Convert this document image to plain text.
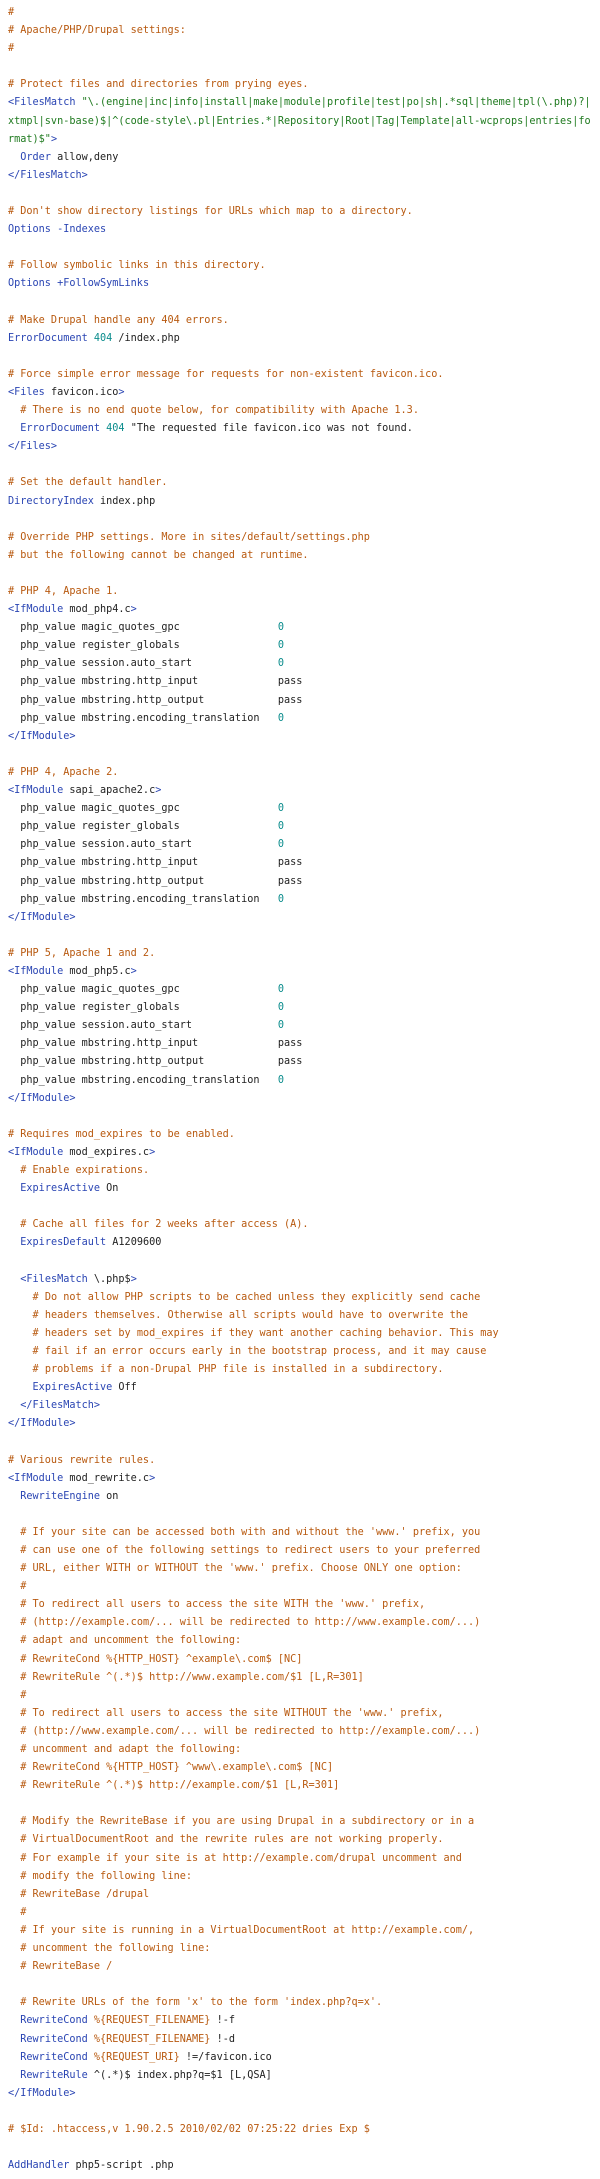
#
# Apache/PHP/Drupal settings:
#
# Protect files and directories from prying eyes.
<FilesMatch "\.(engine|inc|info|install|make|module|profile|test|po|sh|.*sql|theme|tpl(\.php)?|xtmpl|svn-base)$|^(code-style\.pl|Entries.*|Repository|Root|Tag|Template|all-wcprops|entries|format)$">
Order allow,deny
</FilesMatch>
# Don't show directory listings for URLs which map to a directory.
Options -Indexes
# Follow symbolic links in this directory.
Options +FollowSymLinks
# Make Drupal handle any 404 errors.
ErrorDocument 404 /index.php
# Force simple error message for requests for non-existent favicon.ico.
<Files favicon.ico>
# There is no end quote below, for compatibility with Apache 1.3.
ErrorDocument 404 "The requested file favicon.ico was not found.
</Files>
# Set the default handler.
DirectoryIndex index.php
# Override PHP settings. More in sites/default/settings.php
# but the following cannot be changed at runtime.
# PHP 4, Apache 1.
<IfModule mod_php4.c>
php_value magic_quotes_gpc                0
php_value register_globals                0
php_value session.auto_start              0
php_value mbstring.http_input             pass
php_value mbstring.http_output            pass
php_value mbstring.encoding_translation   0
</IfModule>
# PHP 4, Apache 2.
<IfModule sapi_apache2.c>
php_value magic_quotes_gpc                0
php_value register_globals                0
php_value session.auto_start              0
php_value mbstring.http_input             pass
php_value mbstring.http_output            pass
php_value mbstring.encoding_translation   0
</IfModule>
# PHP 5, Apache 1 and 2.
<IfModule mod_php5.c>
php_value magic_quotes_gpc                0
php_value register_globals                0
php_value session.auto_start              0
php_value mbstring.http_input             pass
php_value mbstring.http_output            pass
php_value mbstring.encoding_translation   0
</IfModule>
# Requires mod_expires to be enabled.
<IfModule mod_expires.c>
# Enable expirations.
ExpiresActive On
# Cache all files for 2 weeks after access (A).
ExpiresDefault A1209600
<FilesMatch \.php$>
# Do not allow PHP scripts to be cached unless they explicitly send cache
# headers themselves. Otherwise all scripts would have to overwrite the
# headers set by mod_expires if they want another caching behavior. This may
# fail if an error occurs early in the bootstrap process, and it may cause
# problems if a non-Drupal PHP file is installed in a subdirectory.
ExpiresActive Off
</FilesMatch>
</IfModule>
# Various rewrite rules.
<IfModule mod_rewrite.c>
RewriteEngine on
# If your site can be accessed both with and without the 'www.' prefix, you
# can use one of the following settings to redirect users to your preferred
# URL, either WITH or WITHOUT the 'www.' prefix. Choose ONLY one option:
#
# To redirect all users to access the site WITH the 'www.' prefix,
# (http://example.com/... will be redirected to http://www.example.com/...)
# adapt and uncomment the following:
# RewriteCond %{HTTP_HOST} ^example\.com$ [NC]
# RewriteRule ^(.*)$ http://www.example.com/$1 [L,R=301]
#
# To redirect all users to access the site WITHOUT the 'www.' prefix,
# (http://www.example.com/... will be redirected to http://example.com/...)
# uncomment and adapt the following:
# RewriteCond %{HTTP_HOST} ^www\.example\.com$ [NC]
# RewriteRule ^(.*)$ http://example.com/$1 [L,R=301]
# Modify the RewriteBase if you are using Drupal in a subdirectory or in a
# VirtualDocumentRoot and the rewrite rules are not working properly.
# For example if your site is at http://example.com/drupal uncomment and
# modify the following line:
# RewriteBase /drupal
#
# If your site is running in a VirtualDocumentRoot at http://example.com/,
# uncomment the following line:
# RewriteBase /
# Rewrite URLs of the form 'x' to the form 'index.php?q=x'.
RewriteCond %{REQUEST_FILENAME} !-f
RewriteCond %{REQUEST_FILENAME} !-d
RewriteCond %{REQUEST_URI} !=/favicon.ico
RewriteRule ^(.*)$ index.php?q=$1 [L,QSA]
</IfModule>
# $Id: .htaccess,v 1.90.2.5 2010/02/02 07:25:22 dries Exp $
AddHandler php5-script .php
